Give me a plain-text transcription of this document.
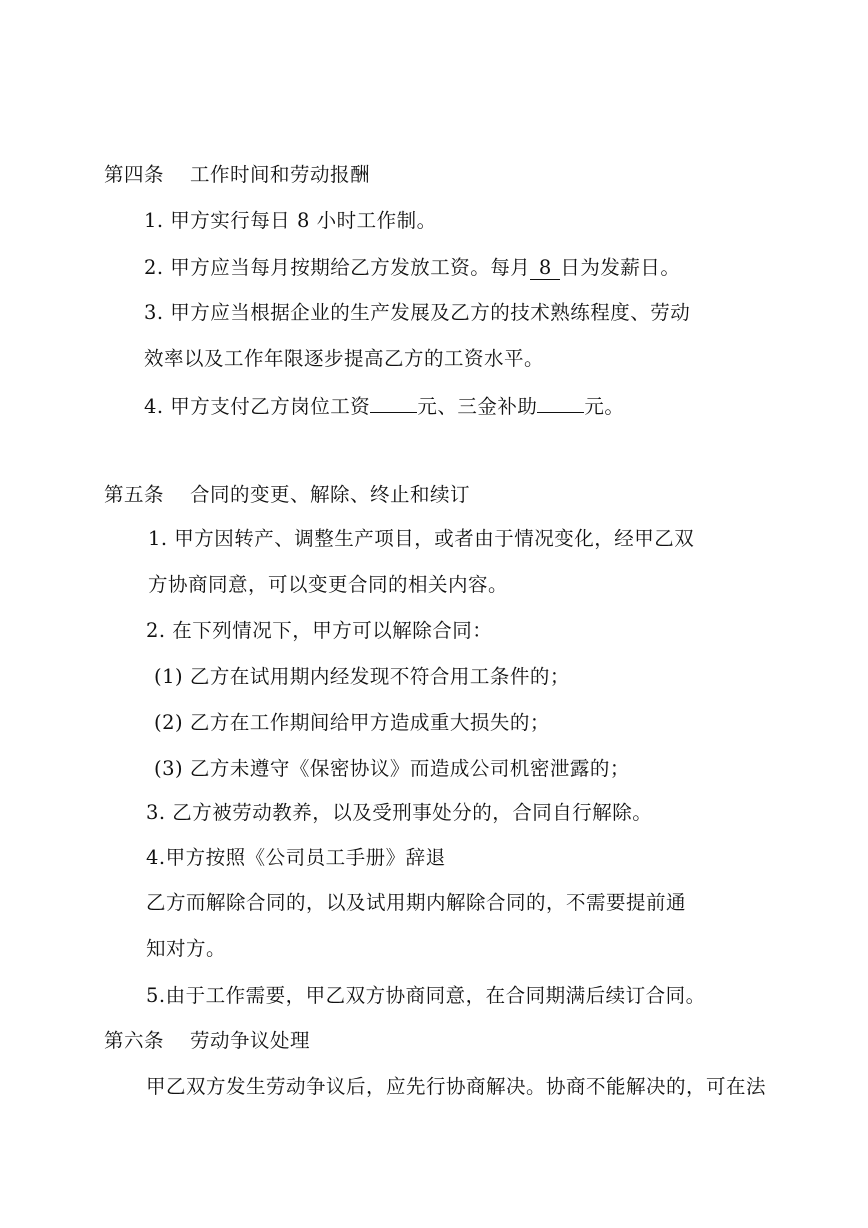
第四条 工作时间和劳动报酬
1. 甲方实行每日 8 小时工作制。
2. 甲方应当每月按期给乙方发放工资。每月 8 日为发薪日。
3. 甲方应当根据企业的生产发展及乙方的技术熟练程度、劳动
效率以及工作年限逐步提高乙方的工资水平。
4. 甲方支付乙方岗位工资 元、三金补助 元。
第五条 合同的变更、解除、终止和续订
1. 甲方因转产、调整生产项目，或者由于情况变化，经甲乙双
方协商同意，可以变更合同的相关内容。
2. 在下列情况下，甲方可以解除合同：
(1) 乙方在试用期内经发现不符合用工条件的；
(2) 乙方在工作期间给甲方造成重大损失的；
(3) 乙方未遵守《保密协议》而造成公司机密泄露的；
3. 乙方被劳动教养，以及受刑事处分的，合同自行解除。
4.甲方按照《公司员工手册》辞退
乙方而解除合同的，以及试用期内解除合同的，不需要提前通
知对方。
5.由于工作需要，甲乙双方协商同意，在合同期满后续订合同。
第六条 劳动争议处理
甲乙双方发生劳动争议后，应先行协商解决。协商不能解决的，可在法
